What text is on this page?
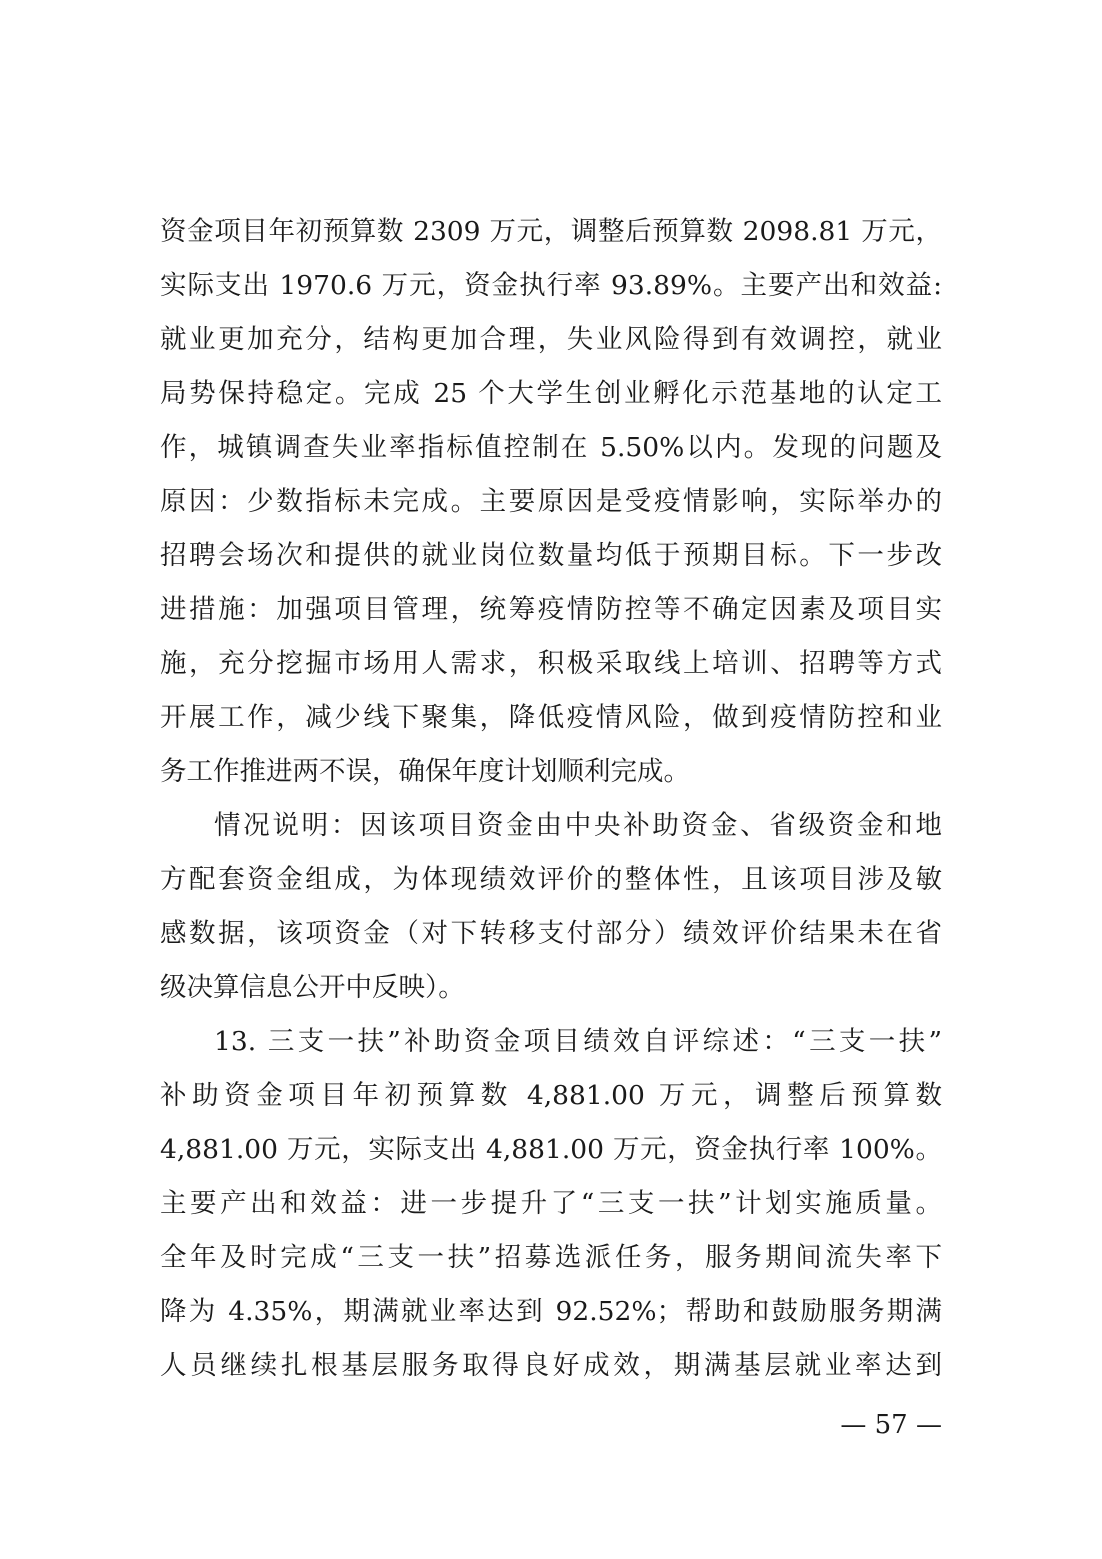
资金项目年初预算数 2309 万元，调整后预算数 2098.81 万元，
实际支出 1970.6 万元，资金执行率 93.89%。主要产出和效益:
就业更加充分，结构更加合理，失业风险得到有效调控，就业
局势保持稳定。完成 25 个大学生创业孵化示范基地的认定工
作，城镇调查失业率指标值控制在 5.50%以内。发现的问题及
原因：少数指标未完成。主要原因是受疫情影响，实际举办的
招聘会场次和提供的就业岗位数量均低于预期目标。下一步改
进措施：加强项目管理，统筹疫情防控等不确定因素及项目实
施，充分挖掘市场用人需求，积极采取线上培训、招聘等方式
开展工作，减少线下聚集，降低疫情风险，做到疫情防控和业
务工作推进两不误，确保年度计划顺利完成。
情况说明：因该项目资金由中央补助资金、省级资金和地
方配套资金组成，为体现绩效评价的整体性，且该项目涉及敏
感数据，该项资金（对下转移支付部分）绩效评价结果未在省
级决算信息公开中反映）。
13. 三支一扶”补助资金项目绩效自评综述：“三支一扶”
补助资金项目年初预算数 4,881.00 万元，调整后预算数
4,881.00 万元，实际支出 4,881.00 万元，资金执行率 100%。
主要产出和效益：进一步提升了“三支一扶”计划实施质量。
全年及时完成“三支一扶”招募选派任务，服务期间流失率下
降为 4.35%，期满就业率达到 92.52%；帮助和鼓励服务期满
人员继续扎根基层服务取得良好成效，期满基层就业率达到
— 57 —
